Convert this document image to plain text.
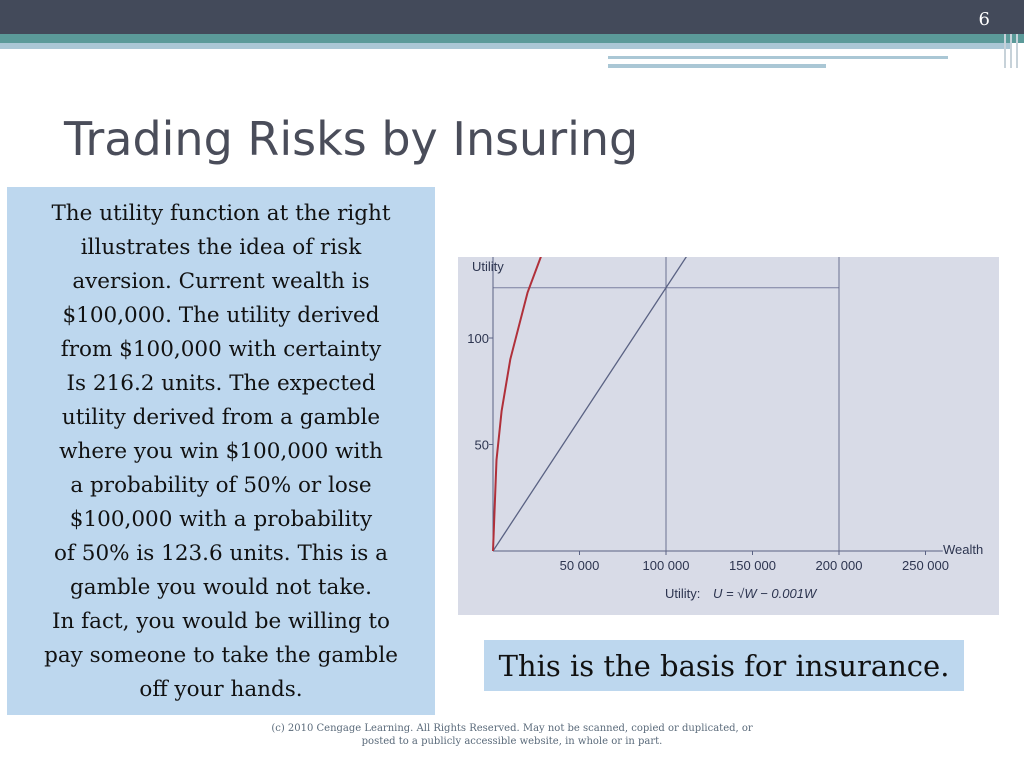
6
Trading Risks by Insuring

The utility function at the right

illustrates the idea of risk

aversion. Current wealth is

$100,000. The utility derived

from $100,000 with certainty

Is 216.2 units. The expected

utility derived from a gamble

where you win $100,000 with

a probability of 50% or lose

$100,000 with a probability

of 50% is 123.6 units. This is a

gamble you would not take.

In fact, you would be willing to

pay someone to take the gamble

off your hands.

50 000	100 000	150 000	200 000	250 000
50
100
Utility
Wealth
Utility: U = √W − 0.001W
This is the basis for insurance.
(c) 2010 Cengage Learning. All Rights Reserved. May not be scanned, copied or duplicated, or
posted to a publicly accessible website, in whole or in part.
